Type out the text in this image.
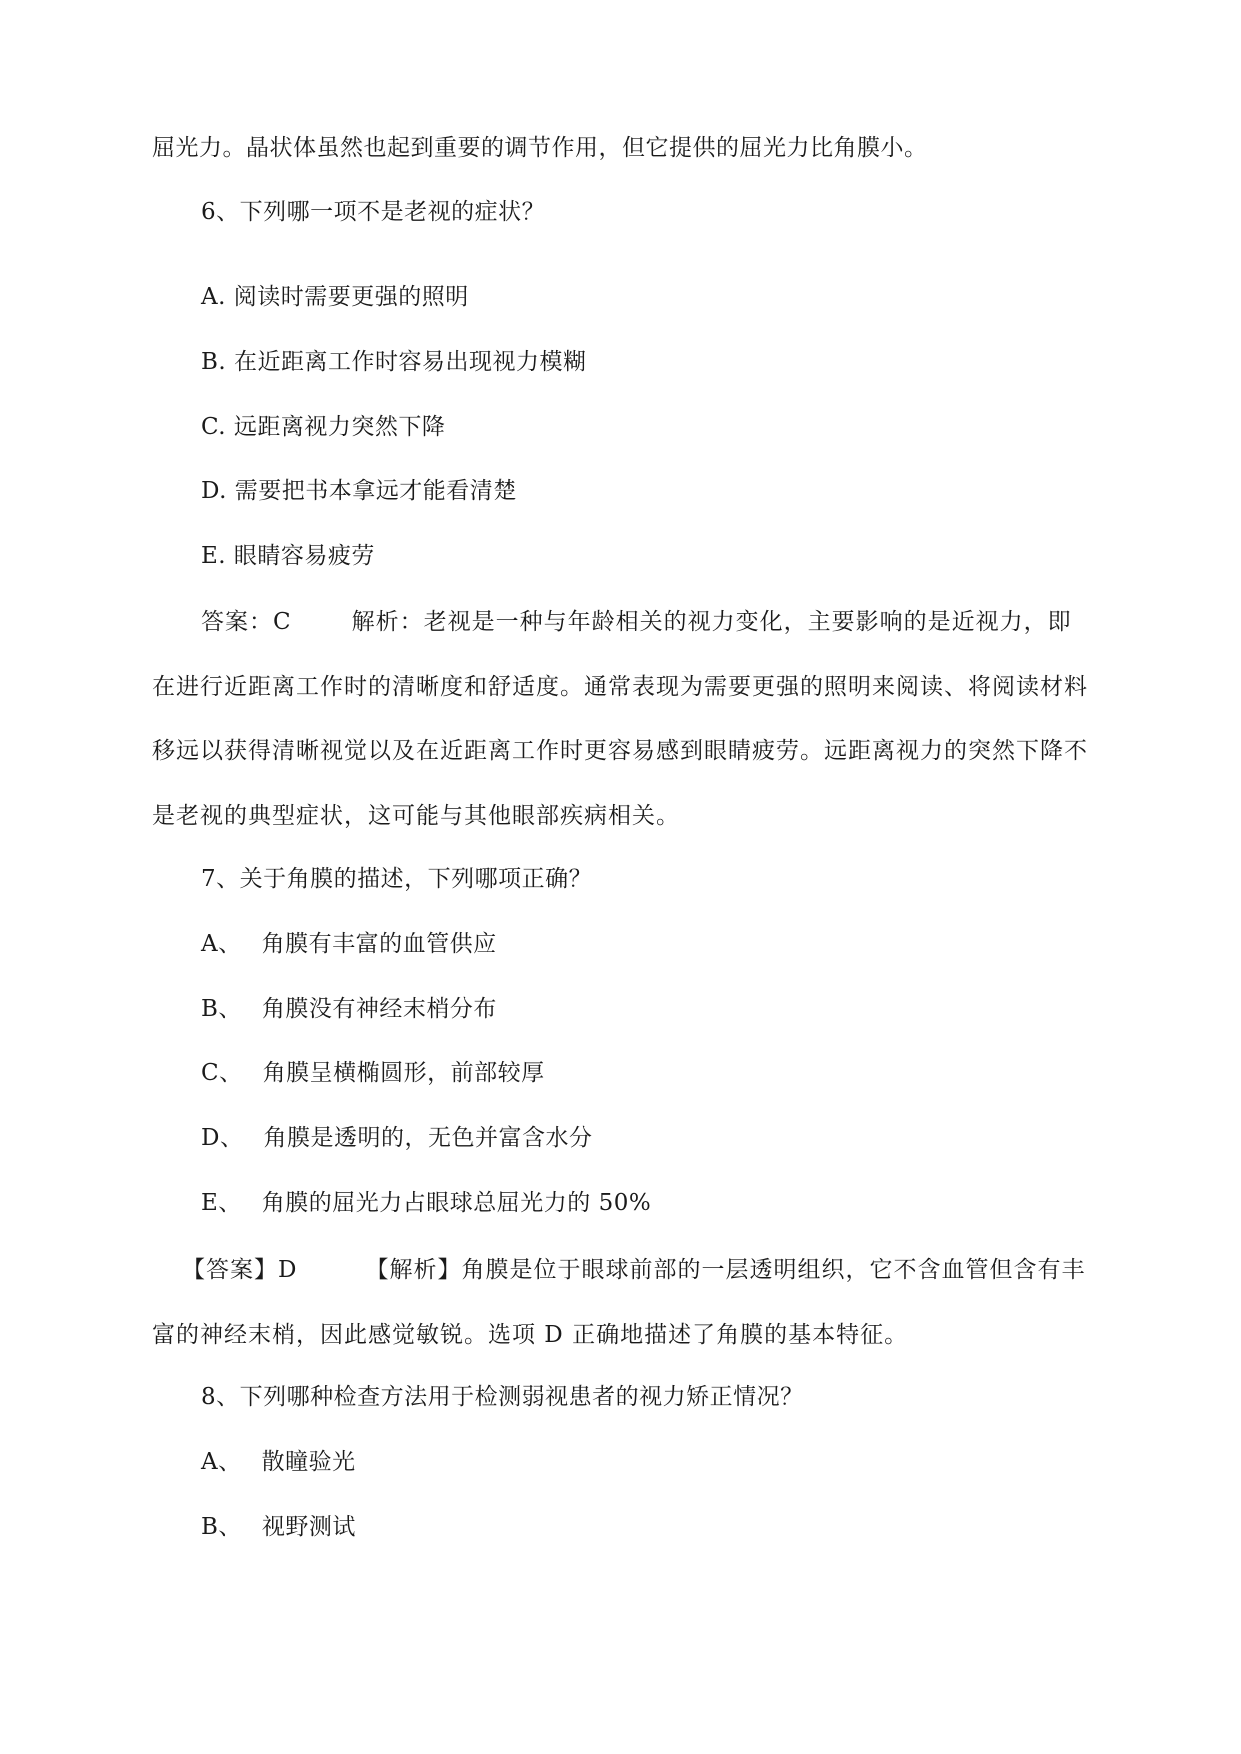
屈光力。晶状体虽然也起到重要的调节作用，但它提供的屈光力比角膜小。
6、下列哪一项不是老视的症状？
A. 阅读时需要更强的照明
B. 在近距离工作时容易出现视力模糊
C. 远距离视力突然下降
D. 需要把书本拿远才能看清楚
E. 眼睛容易疲劳
答案：C	解析：老视是一种与年龄相关的视力变化，主要影响的是近视力，即在进行近距离工作时的清晰度和舒适度。通常表现为需要更强的照明来阅读、将阅读材料移远以获得清晰视觉以及在近距离工作时更容易感到眼睛疲劳。远距离视力的突然下降不是老视的典型症状，这可能与其他眼部疾病相关。
7、关于角膜的描述，下列哪项正确？
A、 角膜有丰富的血管供应
B、 角膜没有神经末梢分布
C、 角膜呈横椭圆形，前部较厚
D、 角膜是透明的，无色并富含水分
E、 角膜的屈光力占眼球总屈光力的 50%
【答案】D	【解析】角膜是位于眼球前部的一层透明组织，它不含血管但含有丰富的神经末梢，因此感觉敏锐。选项 D 正确地描述了角膜的基本特征。
8、下列哪种检查方法用于检测弱视患者的视力矫正情况？
A、 散瞳验光
B、 视野测试
